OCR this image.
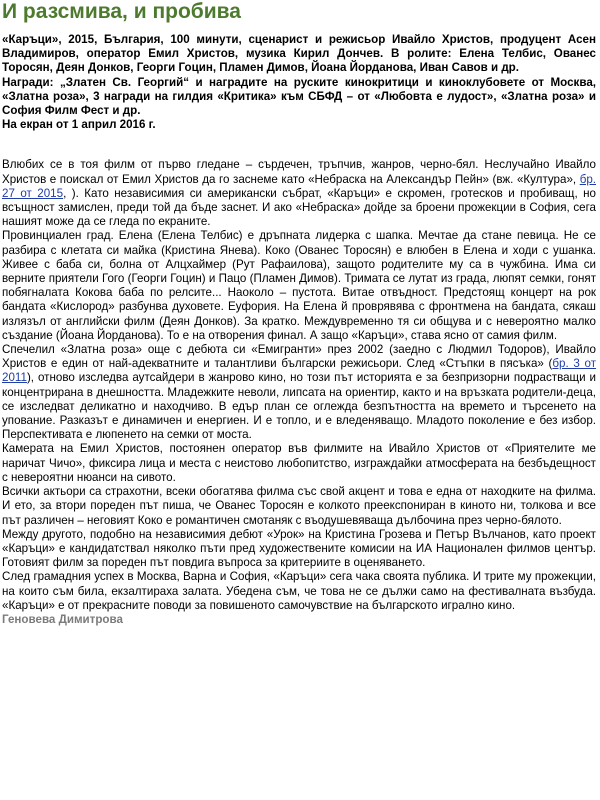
И разсмива, и пробива

«Каръци», 2015, България, 100 минути, сценарист и режисьор Ивайло Христов, продуцент Асен Владимиров, оператор Емил Христов, музика Кирил Дончев. В ролите: Елена Телбис, Ованес Торосян, Деян Донков, Георги Гоцин, Пламен Димов, Йоана Йорданова, Иван Савов и др.

Награди: „Златен Св. Георгий“ и наградите на руските кинокритици и киноклубовете от Москва, «Златна роза», 3 награди на гилдия «Критика» към СБФД – от «Любовта е лудост», «Златна роза» и София Филм Фест и др.

На екран от 1 април 2016 г.

Влюбих се в тоя филм от първо гледане – сърдечен, тръпчив, жанров, черно-бял. Неслучайно Ивайло Христов е поискал от Емил Христов да го заснеме като «Небраска на Александър Пейн» (вж. «Култура», бр. 27 от 2015, ). Като независимия си американски събрат, «Каръци» е скромен, гротесков и пробиващ, но всъщност замислен, преди той да бъде заснет. И ако «Небраска» дойде за броени прожекции в София, сега нашият може да се гледа по екраните.

Провинциален град. Елена (Елена Телбис) е дръпната лидерка с шапка. Мечтае да стане певица. Не се разбира с клетата си майка (Кристина Янева). Коко (Ованес Торосян) е влюбен в Елена и ходи с ушанка. Живее с баба си, болна от Алцхаймер (Рут Рафаилова), защото родителите му са в чужбина. Има си верните приятели Гого (Георги Гоцин) и Пацо (Пламен Димов). Тримата се лутат из града, люпят семки, гонят побягналата Кокова баба по релсите... Наоколо – пустота. Витае отвъдност. Предстоящ концерт на рок бандата «Кислород» разбунва духовете. Еуфория. На Елена й проврявява с фронтмена на бандата, сякаш излязъл от английски филм (Деян Донков). За кратко. Междувременно тя си общува и с невероятно малко създание (Йоана Йорданова). То е на отворения финал. А защо «Каръци», става ясно от самия филм.

Спечелил «Златна роза» още с дебюта си «Емигранти» през 2002 (заедно с Людмил Тодоров), Ивайло Христов е един от най-адекватните и талантливи български режисьори. След «Стъпки в пясъка» (бр. 3 от 2011), отново изследва аутсайдери в жанрово кино, но този път историята е за безпризорни подрастващи и концентрирана в днешността. Младежките неволи, липсата на ориентир, както и на връзката родители-деца, се изследват деликатно и находчиво. В едър план се оглежда безпътността на времето и търсенето на упование. Разказът е динамичен и енергиен. И е топло, и е вледеняващо. Младото поколение е без избор. Перспективата е люпенето на семки от моста.

Камерата на Емил Христов, постоянен оператор във филмите на Ивайло Христов от «Приятелите ме наричат Чичо», фиксира лица и места с неистово любопитство, изграждайки атмосферата на безбъдещност с невероятни нюанси на сивото.

Всички актьори са страхотни, всеки обогатява филма със свой акцент и това е една от находките на филма. И ето, за втори пореден път пиша, че Ованес Торосян е колкото преекспониран в киното ни, толкова и все път различен – неговият Коко е романтичен смотаняк с въодушевяваща дълбочина през черно-бялото.

Между другото, подобно на независимия дебют «Урок» на Кристина Грозева и Петър Вълчанов, като проект «Каръци» е кандидатствал няколко пъти пред художествените комисии на ИА Национален филмов център. Готовият филм за пореден път повдига въпроса за критериите в оценяването.

След грамадния успех в Москва, Варна и София, «Каръци» сега чака своята публика. И трите му прожекции, на които съм била, екзалтираха залата. Убедена съм, че това не се дължи само на фестивалната възбуда. «Каръци» е от прекрасните поводи за повишеното самочувствие на българското игрално кино.

Геновева Димитрова
